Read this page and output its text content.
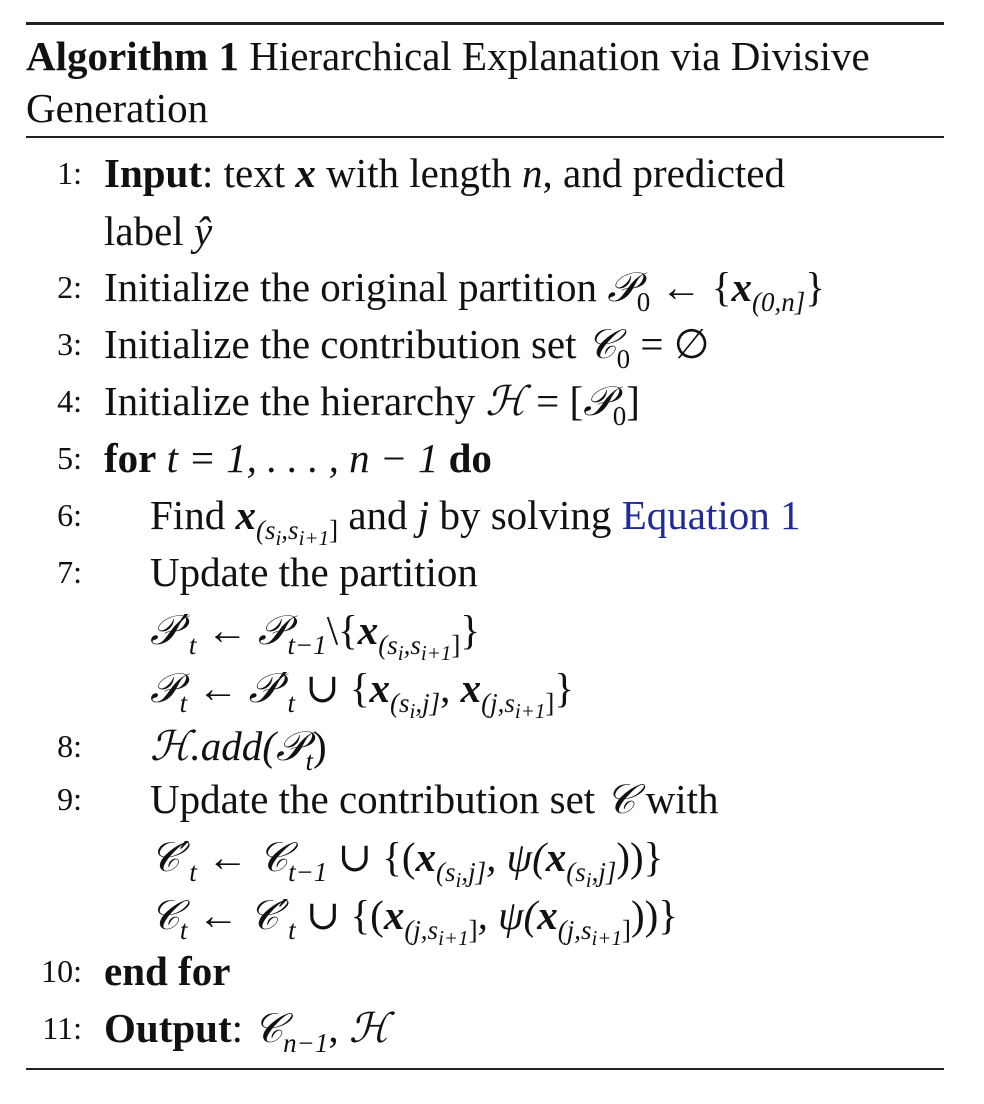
Algorithm 1 Hierarchical Explanation via Divisive
Generation
1: Input: text x with length n, and predicted
label ŷ
2: Initialize the original partition 𝒫$_0$ ← $\{x_{(0,n]}\}$
3: Initialize the contribution set 𝒞$_0$ = ∅
4: Initialize the hierarchy ℋ = [𝒫$_0$]
5: for t = 1, . . . , n − 1 do
6: Find $x_{(s_i,s_{i+1}]}$ and j by solving Equation 1
7: Update the partition
$𝒫'_t$ ← $𝒫_{t-1}\backslash\{x_{(s_i,s_{i+1}]}\}$
𝒫$_t$ ← $𝒫'_t$ ∪ {$x_{(s_i,j]}$, $x_{(j,s_{i+1}]}$}
8: ℋ.add(𝒫$_t$)
9: Update the contribution set 𝒞 with
$𝒞'_t$ ← 𝒞$_{t-1}$ ∪ {($x_{(s_i,j]}$, $\psi(x_{(s_i,j]})$)}
𝒞$_t$ ← $𝒞'_t$ ∪ {($x_{(j,s_{i+1}]}$, $\psi(x_{(j,s_{i+1}]})$)}
10: end for
11: Output: 𝒞$_{n-1}$, ℋ
